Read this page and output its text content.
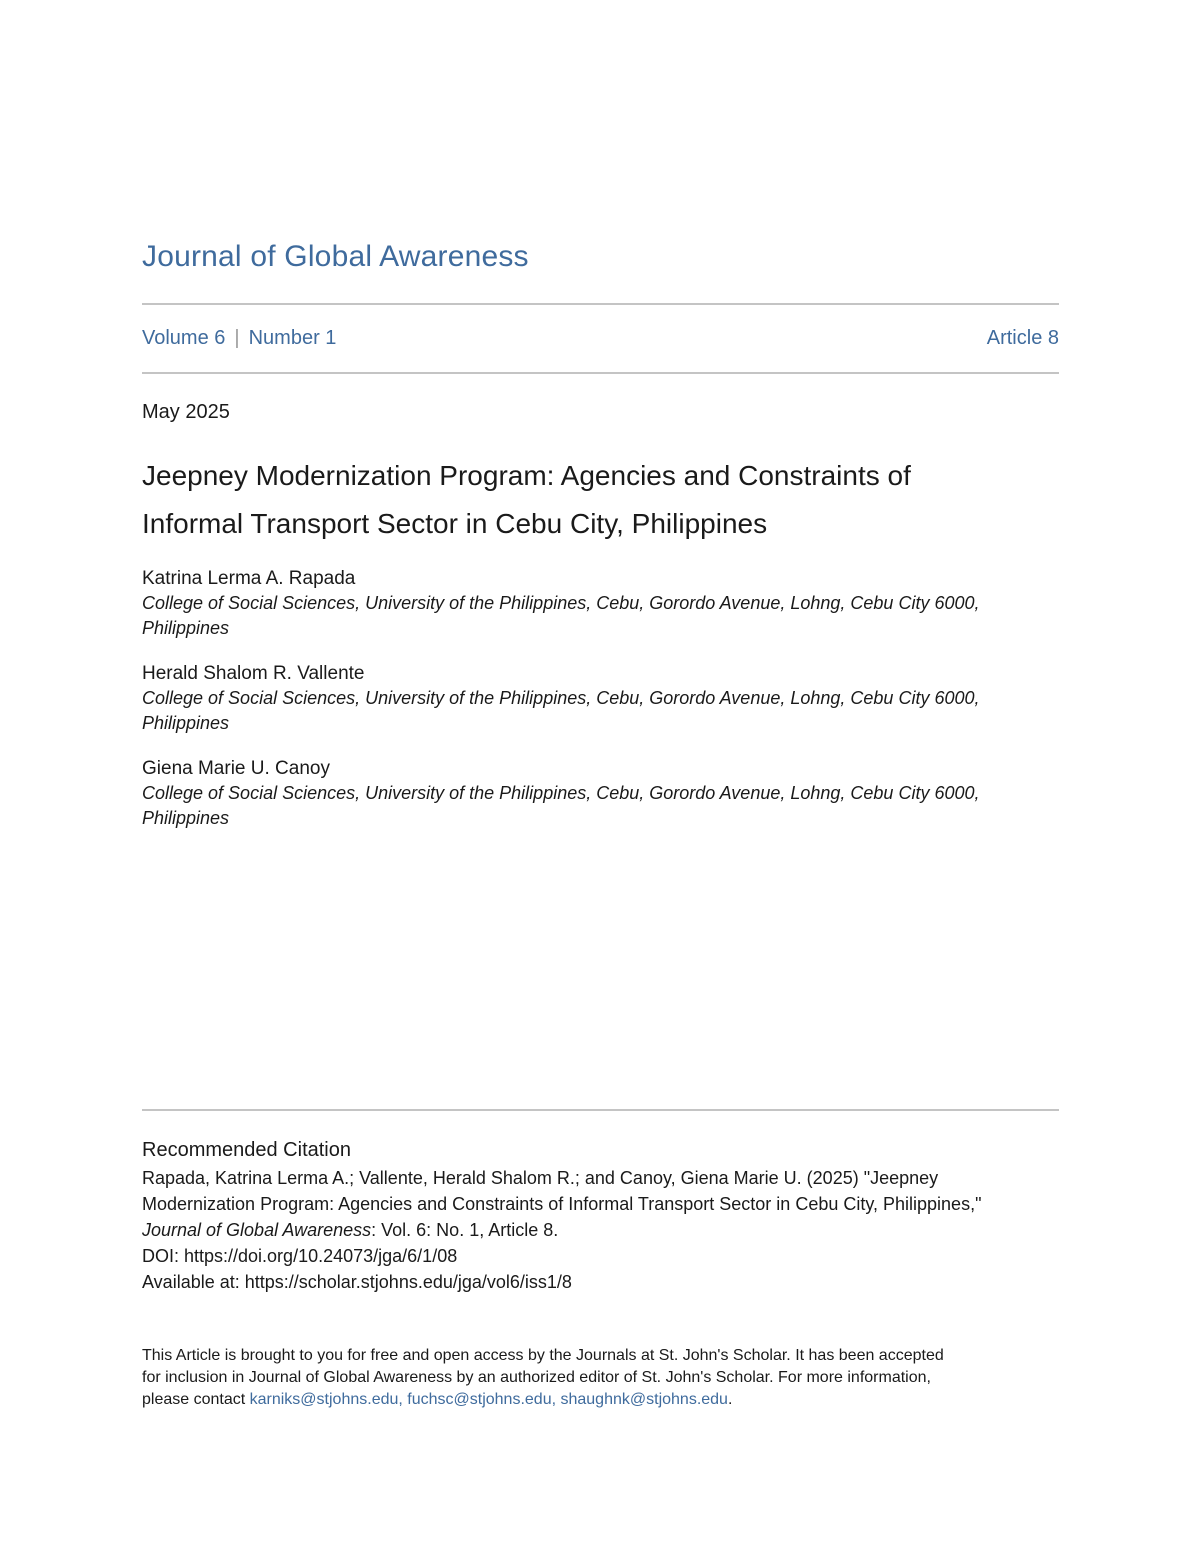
Journal of Global Awareness
Volume 6 | Number 1	Article 8
May 2025
Jeepney Modernization Program: Agencies and Constraints of
Informal Transport Sector in Cebu City, Philippines
Katrina Lerma A. Rapada
College of Social Sciences, University of the Philippines, Cebu, Gorordo Avenue, Lohng, Cebu City 6000,
Philippines
Herald Shalom R. Vallente
College of Social Sciences, University of the Philippines, Cebu, Gorordo Avenue, Lohng, Cebu City 6000,
Philippines
Giena Marie U. Canoy
College of Social Sciences, University of the Philippines, Cebu, Gorordo Avenue, Lohng, Cebu City 6000,
Philippines
Recommended Citation
Rapada, Katrina Lerma A.; Vallente, Herald Shalom R.; and Canoy, Giena Marie U. (2025) "Jeepney
Modernization Program: Agencies and Constraints of Informal Transport Sector in Cebu City, Philippines,"
Journal of Global Awareness: Vol. 6: No. 1, Article 8.
DOI: https://doi.org/10.24073/jga/6/1/08
Available at: https://scholar.stjohns.edu/jga/vol6/iss1/8
This Article is brought to you for free and open access by the Journals at St. John's Scholar. It has been accepted
for inclusion in Journal of Global Awareness by an authorized editor of St. John's Scholar. For more information,
please contact karniks@stjohns.edu, fuchsc@stjohns.edu, shaughnk@stjohns.edu.
